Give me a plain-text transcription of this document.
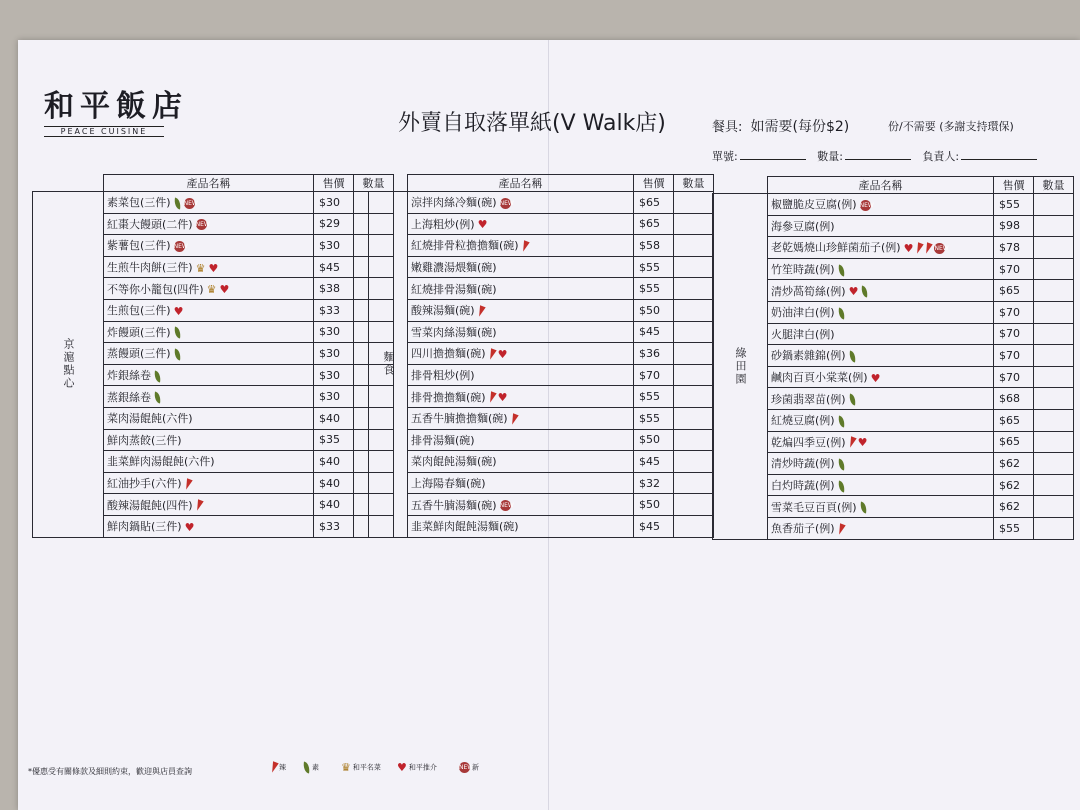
和平飯店
PEACE CUISINE	外賣自取落單紙(V Walk店)	餐具: 如需要(每份$2)	份/不需要 (多謝支持環保)
單號:	數量:	負責人:
	產品名稱	售價	數量
京滬點心	素菜包(三件) NEW	$30	
	紅棗大饅頭(二件) NEW	$29	
	紫薯包(三件) NEW	$30	
	生煎牛肉餅(三件) ♛ ♥	$45	
	不等你小籠包(四件) ♛ ♥	$38	
	生煎包(三件) ♥	$33	
	炸饅頭(三件)	$30	
	蒸饅頭(三件)	$30	
	炸銀絲卷	$30	
	蒸銀絲卷	$30	
	菜肉湯餛飩(六件)	$40	
	鮮肉蒸餃(三件)	$35	
	韭菜鮮肉湯餛飩(六件)	$40	
	紅油抄手(六件)	$40	
	酸辣湯餛飩(四件)	$40	
	鮮肉鍋貼(三件) ♥	$33	
	產品名稱	售價	數量
麵食	涼拌肉絲冷麵(碗) NEW	$65	
	上海粗炒(例) ♥	$65	
	紅燒排骨粒擔擔麵(碗)	$58	
	嫩雞濃湯煨麵(碗)	$55	
	紅燒排骨湯麵(碗)	$55	
	酸辣湯麵(碗)	$50	
	雪菜肉絲湯麵(碗)	$45	
	四川擔擔麵(碗) ♥	$36	
	排骨粗炒(例)	$70	
	排骨擔擔麵(碗) ♥	$55	
	五香牛腩擔擔麵(碗)	$55	
	排骨湯麵(碗)	$50	
	菜肉餛飩湯麵(碗)	$45	
	上海陽春麵(碗)	$32	
	五香牛腩湯麵(碗) NEW	$50	
	韭菜鮮肉餛飩湯麵(碗)	$45	
	產品名稱	售價	數量
綠田園	椒鹽脆皮豆腐(例) NEW	$55	
	海參豆腐(例)	$98	
	老乾媽燒山珍鮮菌茄子(例) ♥ NEW	$78	
	竹笙時蔬(例)	$70	
	清炒萵筍絲(例) ♥	$65	
	奶油津白(例)	$70	
	火腿津白(例)	$70	
	砂鍋素雜錦(例)	$70	
	鹹肉百頁小棠菜(例) ♥	$70	
	珍菌翡翠苗(例)	$68	
	紅燒豆腐(例)	$65	
	乾煸四季豆(例) ♥	$65	
	清炒時蔬(例)	$62	
	白灼時蔬(例)	$62	
	雪菜毛豆百頁(例)	$62	
	魚香茄子(例)	$55	
*優惠受有關條款及細則約束，歡迎與店員查詢	辣	素 ♛ 和平名菜 ♥ 和平推介	NEW新
